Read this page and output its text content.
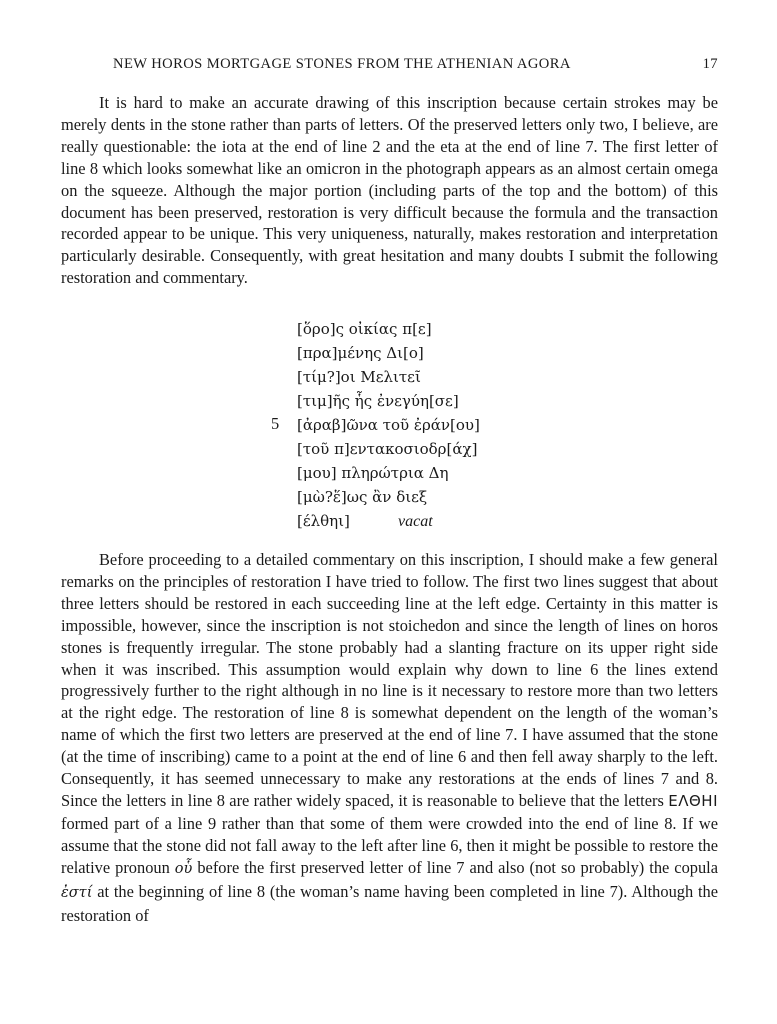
NEW HOROS MORTGAGE STONES FROM THE ATHENIAN AGORA	17

It is hard to make an accurate drawing of this inscription because certain strokes may be merely dents in the stone rather than parts of letters. Of the preserved letters only two, I believe, are really questionable: the iota at the end of line 2 and the eta at the end of line 7. The first letter of line 8 which looks somewhat like an omicron in the photograph appears as an almost certain omega on the squeeze. Although the major portion (including parts of the top and the bottom) of this document has been preserved, restoration is very difficult because the formula and the transaction recorded appear to be unique. This very uniqueness, naturally, makes restoration and interpretation particularly desirable. Consequently, with great hesitation and many doubts I submit the following restoration and commentary.

[ὅρο]ς οἰκίας π[ε]
[πρα]μένης Δι[ο]
[τίμ?]οι Μελιτεῖ
[τιμ]ῆς ἧς ἐνεγύη[σε]
5 [ἀραβ]ῶνα τοῦ ἐράν[ου]
[τοῦ π]εντακοσιοδρ[άχ]
[μου] πληρώτρια Δη
[μὼ?ἕ]ως ἂν διεξ
[έλθηι]	vacat

Before proceeding to a detailed commentary on this inscription, I should make a few general remarks on the principles of restoration I have tried to follow. The first two lines suggest that about three letters should be restored in each succeeding line at the left edge. Certainty in this matter is impossible, however, since the inscription is not stoichedon and since the length of lines on horos stones is frequently irregular. The stone probably had a slanting fracture on its upper right side when it was inscribed. This assumption would explain why down to line 6 the lines extend progressively further to the right although in no line is it necessary to restore more than two letters at the right edge. The restoration of line 8 is somewhat dependent on the length of the woman’s name of which the first two letters are preserved at the end of line 7. I have assumed that the stone (at the time of inscribing) came to a point at the end of line 6 and then fell away sharply to the left. Consequently, it has seemed unnecessary to make any restorations at the ends of lines 7 and 8. Since the letters in line 8 are rather widely spaced, it is reasonable to believe that the letters ΕΛΘΗΙ formed part of a line 9 rather than that some of them were crowded into the end of line 8. If we assume that the stone did not fall away to the left after line 6, then it might be possible to restore the relative pronoun οὗ before the first preserved letter of line 7 and also (not so probably) the copula ἐστί at the beginning of line 8 (the woman’s name having been completed in line 7). Although the restoration of
